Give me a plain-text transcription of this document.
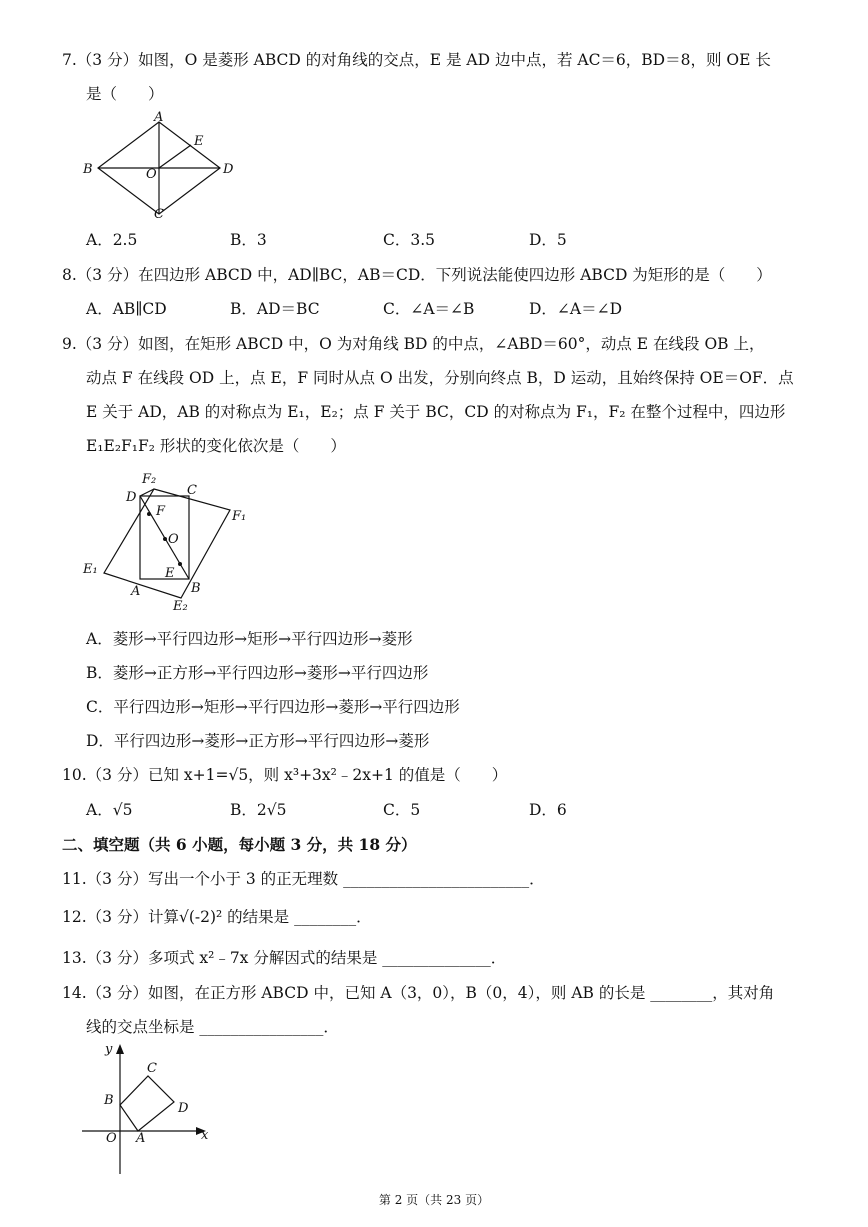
7.（3 分）如图，O 是菱形 ABCD 的对角线的交点，E 是 AD 边中点，若 AC＝6，BD＝8，则 OE 长
是（　　）
A
B
C
D
E
O
A．2.5	B．3	C．3.5	D．5
8.（3 分）在四边形 ABCD 中，AD∥BC，AB＝CD．下列说法能使四边形 ABCD 为矩形的是（　　）
A．AB∥CD	B．AD＝BC	C．∠A＝∠B	D．∠A＝∠D
9.（3 分）如图，在矩形 ABCD 中，O 为对角线 BD 的中点，∠ABD＝60°，动点 E 在线段 OB 上，
动点 F 在线段 OD 上，点 E，F 同时从点 O 出发，分别向终点 B，D 运动，且始终保持 OE＝OF．点
E 关于 AD，AB 的对称点为 E₁，E₂；点 F 关于 BC，CD 的对称点为 F₁，F₂ 在整个过程中，四边形
E₁E₂F₁F₂ 形状的变化依次是（　　）
F₂
C
D
F	F₁
O
E₁	E
B
A
E₂
A．菱形→平行四边形→矩形→平行四边形→菱形
B．菱形→正方形→平行四边形→菱形→平行四边形
C．平行四边形→矩形→平行四边形→菱形→平行四边形
D．平行四边形→菱形→正方形→平行四边形→菱形
10.（3 分）已知 x+1=√5，则 x³+3x²﹣2x+1 的值是（　　）
A．√5	B．2√5	C．5	D．6
二、填空题（共 6 小题，每小题 3 分，共 18 分）
11.（3 分）写出一个小于 3 的正无理数 ________________________．
12.（3 分）计算√(-2)² 的结果是 ________．
13.（3 分）多项式 x²﹣7x 分解因式的结果是 ______________．
14.（3 分）如图，在正方形 ABCD 中，已知 A（3，0），B（0，4），则 AB 的长是 ________，其对角
线的交点坐标是 ________________．
y
C
B
D
O A	x
第 2 页（共 23 页）
